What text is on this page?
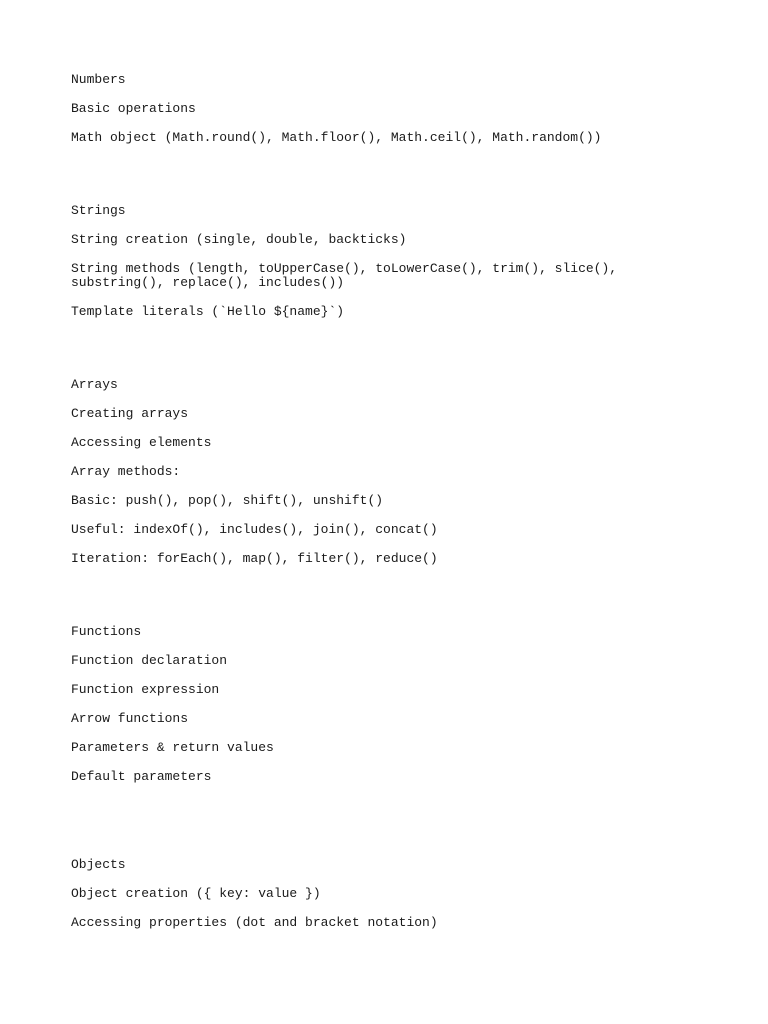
Numbers
Basic operations
Math object (Math.round(), Math.floor(), Math.ceil(), Math.random())
Strings
String creation (single, double, backticks)
String methods (length, toUpperCase(), toLowerCase(), trim(), slice(), substring(), replace(), includes())
Template literals (`Hello ${name}`)
Arrays
Creating arrays
Accessing elements
Array methods:
Basic: push(), pop(), shift(), unshift()
Useful: indexOf(), includes(), join(), concat()
Iteration: forEach(), map(), filter(), reduce()
Functions
Function declaration
Function expression
Arrow functions
Parameters & return values
Default parameters
Objects
Object creation ({ key: value })
Accessing properties (dot and bracket notation)
